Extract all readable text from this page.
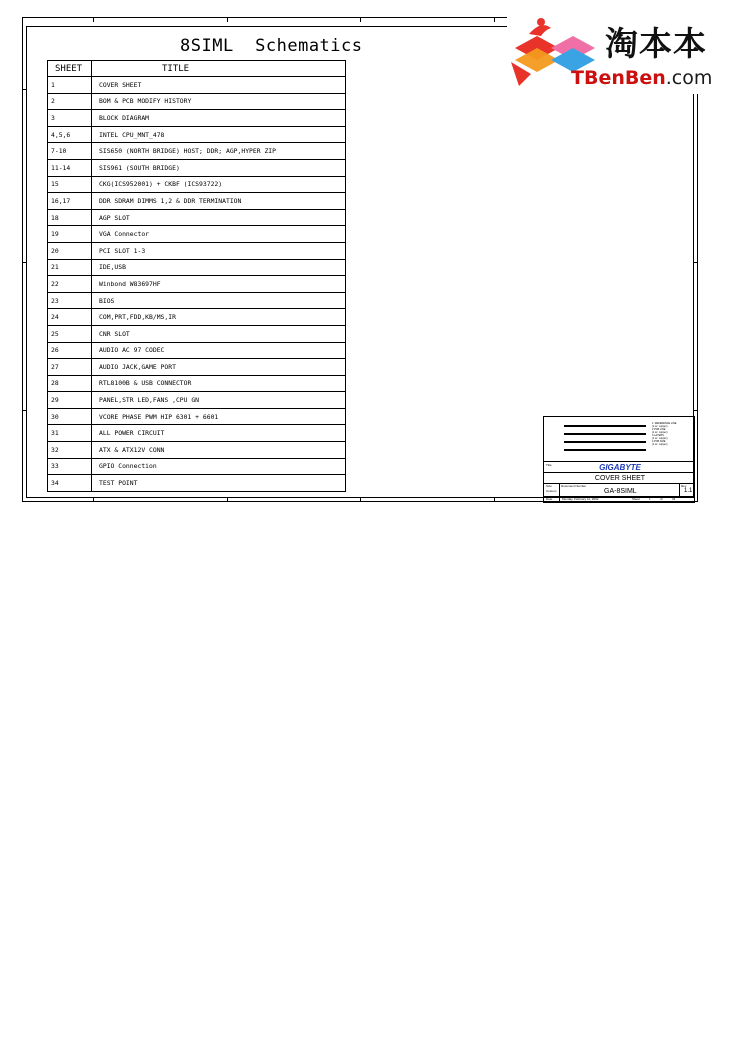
8SIML  Schematics
SHEET	TITLE
1	COVER SHEET
2	BOM & PCB MODIFY HISTORY
3	BLOCK DIAGRAM
4,5,6	INTEL CPU_MNT_478
7-10	SIS650 (NORTH BRIDGE) HOST; DDR; AGP,HYPER ZIP
11-14	SIS961 (SOUTH BRIDGE)
15	CKG(ICS952001) + CKBF (ICS93722)
16,17	DDR SDRAM DIMMS 1,2 & DDR TERMINATION
18	AGP SLOT
19	VGA Connector
20	PCI SLOT 1-3
21	IDE,USB
22	Winbond W83697HF
23	BIOS
24	COM,PRT,FDD,KB/MS,IR
25	CNR SLOT
26	AUDIO AC 97 CODEC
27	AUDIO JACK,GAME PORT
28	RTL8100B & USB CONNECTOR
29	PANEL,STR LED,FANS ,CPU GN
30	VCORE PHASE PWM HIP 6301 + 6601
31	ALL POWER CIRCUIT
32	ATX & ATX12V CONN
33	GPIO Connection
34	TEST POINT
1. REFERENCE LINE
(1 oz. copper)
2 PCB LINE
(1 oz. copper)
3 LAYERS
(1 oz. copper)
4 PCB SIZE
(1 oz. copper)
Title	GIGABYTE
COVER SHEET
Size
Custom
Document Number
GA-8SIML
Rev
1.1
Date	Monday, February 11, 2002	Sheet	1	of	34
淘本本
TBenBen.com
